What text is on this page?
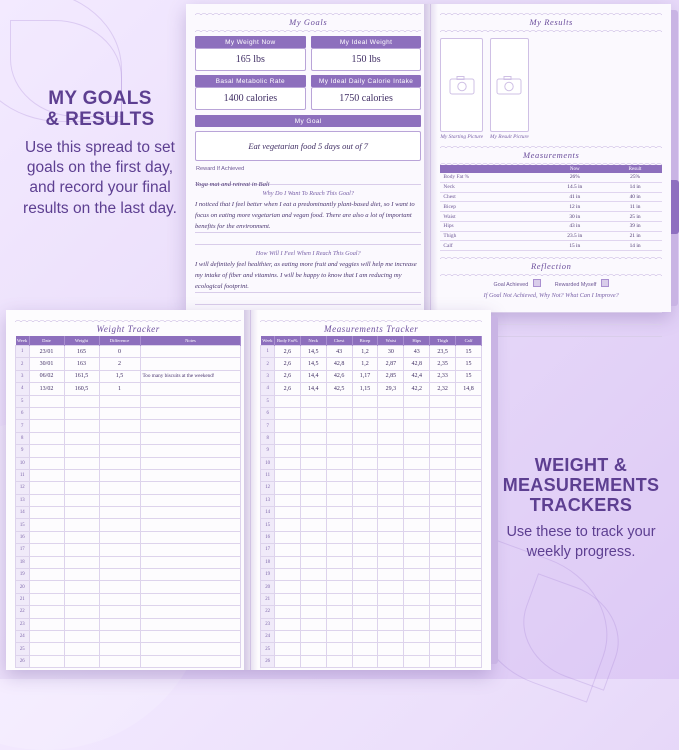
MY GOALS
& RESULTS
Use this spread to set goals on the first day, and record your final results on the last day.
WEIGHT &
MEASUREMENTS
TRACKERS
Use these to track your weekly progress.
My Goals
My Weight Now
165 lbs
My Ideal Weight
150 lbs
Basal Metabolic Rate
1400 calories
My Ideal Daily Calorie Intake
1750 calories
My Goal
Eat vegetarian food 5 days out of 7
Reward If Achieved
Yoga mat and retreat in Bali
Why Do I Want To Reach This Goal?
I noticed that I feel better when I eat a predominantly plant-based diet, so I want to focus on eating more vegetarian and vegan food. There are also a lot of important benefits for the environment.
How Will I Feel When I Reach This Goal?
I will definitely feel healthier, as eating more fruit and veggies will help me increase my intake of fiber and vitamins. I will be happy to know that I am reducing my ecological footprint.
My Results
My Starting Picture My Result Picture
Measurements
	Now	Result
Body Fat %	26%	25%
Neck	14.5 in	14 in
Chest	41 in	40 in
Bicep	12 in	11 in
Waist	30 in	25 in
Hips	43 in	39 in
Thigh	23.5 in	21 in
Calf	15 in	14 in
Reflection
Goal Achieved	Rewarded Myself
If Goal Not Achieved, Why Not? What Can I Improve?
Weight Tracker
Week	Date	Weight	Difference	Notes
1	23/01	165	0	
2	30/01	163	2	
3	06/02	161,5	1,5	Too many biscuits at the weekend!
4	13/02	160,5	1	
5				
6				
7				
8				
9				
10				
11				
12				
13				
14				
15				
16				
17				
18				
19				
20				
21				
22				
23				
24				
25				
26				
Measurements Tracker
Week	Body Fat%	Neck	Chest	Bicep	Waist	Hips	Thigh	Calf
1	2,6	14,5	43	1,2	30	43	23,5	15
2	2,6	14,5	42,8	1,2	2,87	42,8	2,35	15
3	2,6	14,4	42,6	1,17	2,85	42,4	2,33	15
4	2,6	14,4	42,5	1,15	29,3	42,2	2,32	14,8
5								
6								
7								
8								
9								
10								
11								
12								
13								
14								
15								
16								
17								
18								
19								
20								
21								
22								
23								
24								
25								
26								
